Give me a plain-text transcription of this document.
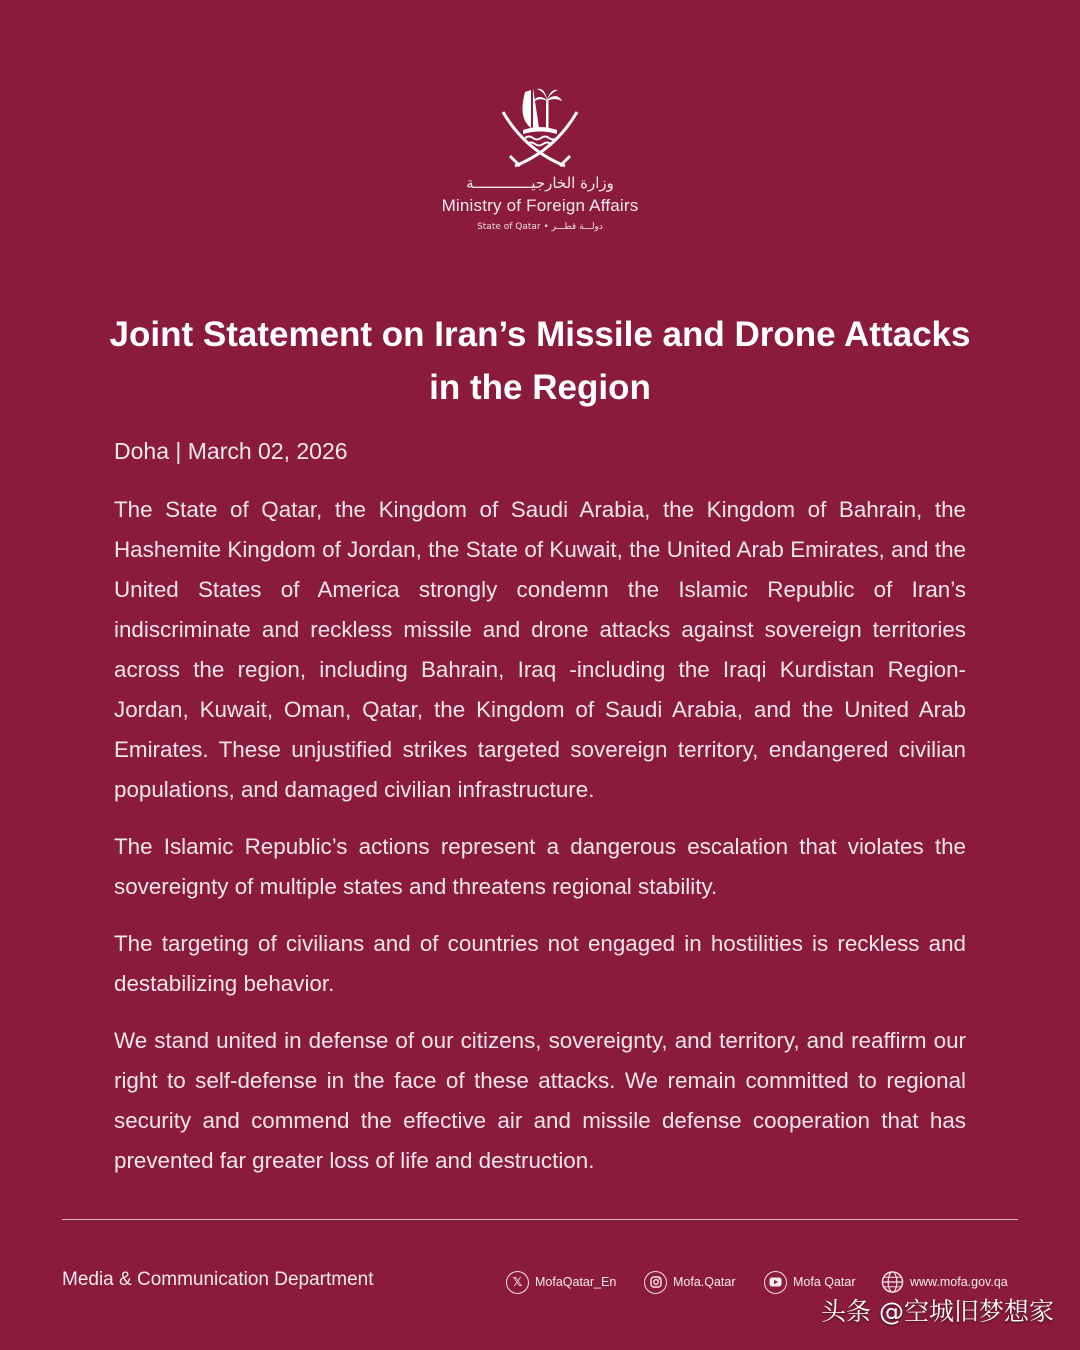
وزارة الخارجيـــــــــــــة
Ministry of Foreign Affairs
State of Qatar • دولـــة قطـــر
Joint Statement on Iran’s Missile and Drone Attacks
in the Region
Doha | March 02, 2026

The State of Qatar, the Kingdom of Saudi Arabia, the Kingdom of Bahrain, the Hashemite Kingdom of Jordan, the State of Kuwait, the United Arab Emirates, and the United States of America strongly condemn the Islamic Republic of Iran’s indiscriminate and reckless missile and drone attacks against sovereign territories across the region, including Bahrain, Iraq -including the Iraqi Kurdistan Region- Jordan, Kuwait, Oman, Qatar, the Kingdom of Saudi Arabia, and the United Arab Emirates. These unjustified strikes targeted sovereign territory, endangered civilian populations, and damaged civilian infrastructure.

The Islamic Republic’s actions represent a dangerous escalation that violates the sovereignty of multiple states and threatens regional stability.

The targeting of civilians and of countries not engaged in hostilities is reckless and destabilizing behavior.

We stand united in defense of our citizens, sovereignty, and territory, and reaffirm our right to self-defense in the face of these attacks. We remain committed to regional security and commend the effective air and missile defense cooperation that has prevented far greater loss of life and destruction.

Media & Communication Department	𝕏 MofaQatar_En	Mofa.Qatar	Mofa Qatar	www.mofa.gov.qa
头条 @空城旧梦想家
